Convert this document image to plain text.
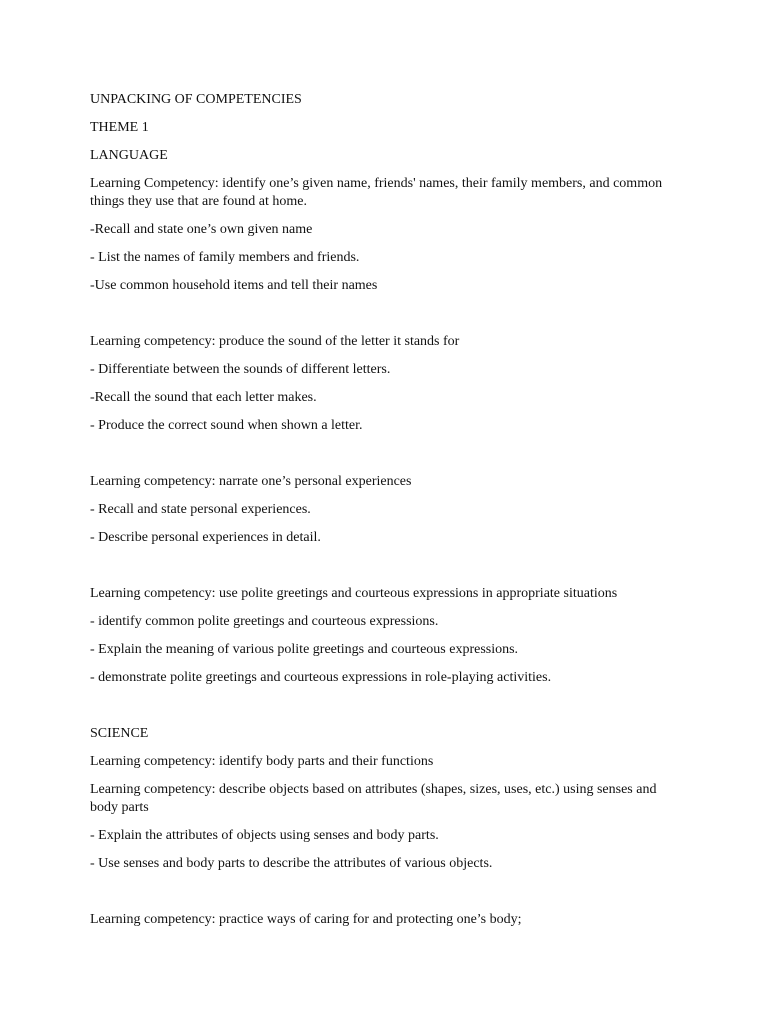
UNPACKING OF COMPETENCIES

THEME 1

LANGUAGE

Learning Competency: identify one’s given name, friends' names, their family members, and common things they use that are found at home.

-Recall and state one’s own given name

- List the names of family members and friends.

-Use common household items and tell their names

Learning competency: produce the sound of the letter it stands for

- Differentiate between the sounds of different letters.

-Recall the sound that each letter makes.

- Produce the correct sound when shown a letter.

Learning competency: narrate one’s personal experiences

- Recall and state personal experiences.

- Describe personal experiences in detail.

Learning competency: use polite greetings and courteous expressions in appropriate situations

- identify common polite greetings and courteous expressions.

- Explain the meaning of various polite greetings and courteous expressions.

- demonstrate polite greetings and courteous expressions in role-playing activities.

SCIENCE

Learning competency: identify body parts and their functions

Learning competency: describe objects based on attributes (shapes, sizes, uses, etc.) using senses and body parts

- Explain the attributes of objects using senses and body parts.

- Use senses and body parts to describe the attributes of various objects.

Learning competency: practice ways of caring for and protecting one’s body;
